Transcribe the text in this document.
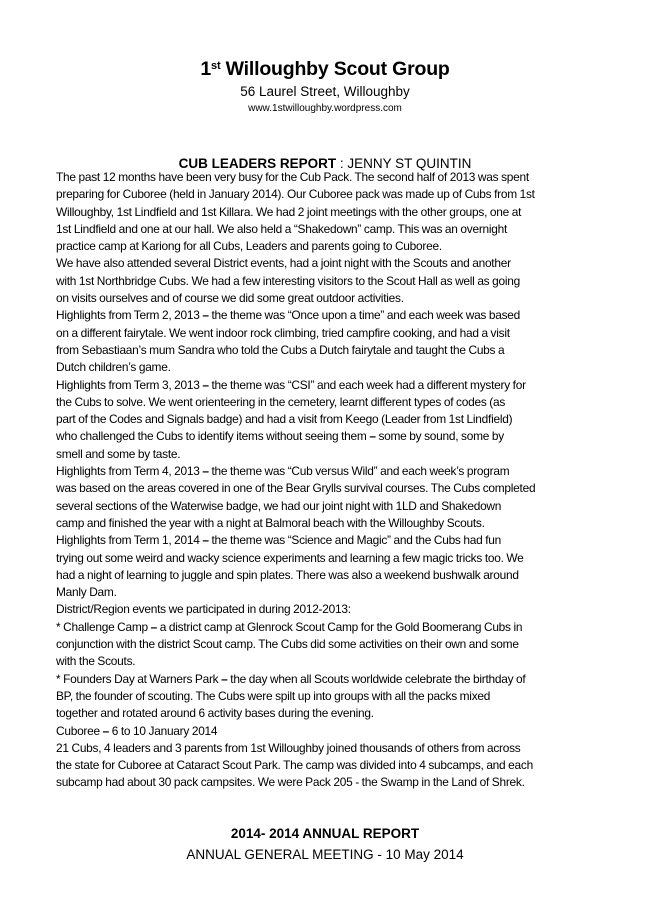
1st Willoughby Scout Group
56 Laurel Street, Willoughby
www.1stwilloughby.wordpress.com
CUB LEADERS REPORT : JENNY ST QUINTIN

The past 12 months have been very busy for the Cub Pack. The second half of 2013 was spent

preparing for Cuboree (held in January 2014). Our Cuboree pack was made up of Cubs from 1st

Willoughby, 1st Lindfield and 1st Killara. We had 2 joint meetings with the other groups, one at

1st Lindfield and one at our hall. We also held a “Shakedown” camp. This was an overnight

practice camp at Kariong for all Cubs, Leaders and parents going to Cuboree.

We have also attended several District events, had a joint night with the Scouts and another

with 1st Northbridge Cubs. We had a few interesting visitors to the Scout Hall as well as going

on visits ourselves and of course we did some great outdoor activities.

Highlights from Term 2, 2013 – the theme was “Once upon a time” and each week was based

on a different fairytale. We went indoor rock climbing, tried campfire cooking, and had a visit

from Sebastiaan’s mum Sandra who told the Cubs a Dutch fairytale and taught the Cubs a

Dutch children’s game.

Highlights from Term 3, 2013 – the theme was “CSI” and each week had a different mystery for

the Cubs to solve. We went orienteering in the cemetery, learnt different types of codes (as

part of the Codes and Signals badge) and had a visit from Keego (Leader from 1st Lindfield)

who challenged the Cubs to identify items without seeing them – some by sound, some by

smell and some by taste.

Highlights from Term 4, 2013 – the theme was “Cub versus Wild” and each week’s program

was based on the areas covered in one of the Bear Grylls survival courses. The Cubs completed

several sections of the Waterwise badge, we had our joint night with 1LD and Shakedown

camp and finished the year with a night at Balmoral beach with the Willoughby Scouts.

Highlights from Term 1, 2014 – the theme was “Science and Magic” and the Cubs had fun

trying out some weird and wacky science experiments and learning a few magic tricks too. We

had a night of learning to juggle and spin plates. There was also a weekend bushwalk around

Manly Dam.

District/Region events we participated in during 2012-2013:

* Challenge Camp – a district camp at Glenrock Scout Camp for the Gold Boomerang Cubs in

conjunction with the district Scout camp. The Cubs did some activities on their own and some

with the Scouts.

* Founders Day at Warners Park – the day when all Scouts worldwide celebrate the birthday of

BP, the founder of scouting. The Cubs were spilt up into groups with all the packs mixed

together and rotated around 6 activity bases during the evening.

Cuboree – 6 to 10 January 2014

21 Cubs, 4 leaders and 3 parents from 1st Willoughby joined thousands of others from across

the state for Cuboree at Cataract Scout Park. The camp was divided into 4 subcamps, and each

subcamp had about 30 pack campsites. We were Pack 205 - the Swamp in the Land of Shrek.

2014- 2014 ANNUAL REPORT
ANNUAL GENERAL MEETING - 10 May 2014
